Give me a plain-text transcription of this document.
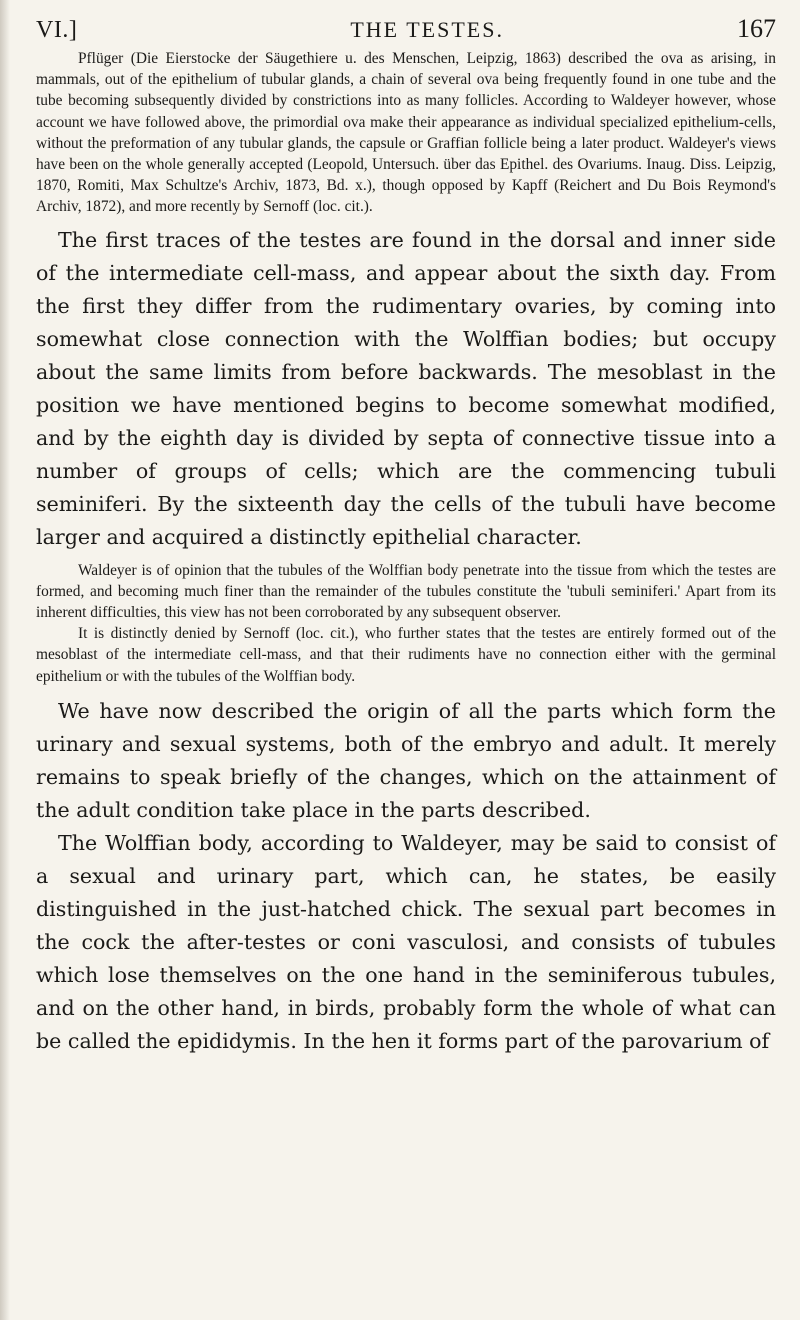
VI.]	THE TESTES.	167

Pflüger (Die Eierstocke der Säugethiere u. des Menschen, Leipzig, 1863) described the ova as arising, in mammals, out of the epithelium of tubular glands, a chain of several ova being frequently found in one tube and the tube becoming subsequently divided by constrictions into as many follicles. According to Waldeyer however, whose account we have followed above, the primordial ova make their appearance as individual specialized epithelium-cells, without the preformation of any tubular glands, the capsule or Graffian follicle being a later product. Waldeyer's views have been on the whole generally accepted (Leopold, Untersuch. über das Epithel. des Ovariums. Inaug. Diss. Leipzig, 1870, Romiti, Max Schultze's Archiv, 1873, Bd. x.), though opposed by Kapff (Reichert and Du Bois Reymond's Archiv, 1872), and more recently by Sernoff (loc. cit.).

The first traces of the testes are found in the dorsal and inner side of the intermediate cell-mass, and appear about the sixth day. From the first they differ from the rudimentary ovaries, by coming into somewhat close connection with the Wolffian bodies; but occupy about the same limits from before backwards. The mesoblast in the position we have mentioned begins to become somewhat modified, and by the eighth day is divided by septa of connective tissue into a number of groups of cells; which are the commencing tubuli seminiferi. By the sixteenth day the cells of the tubuli have become larger and acquired a distinctly epithelial character.

Waldeyer is of opinion that the tubules of the Wolffian body penetrate into the tissue from which the testes are formed, and becoming much finer than the remainder of the tubules constitute the 'tubuli seminiferi.' Apart from its inherent difficulties, this view has not been corroborated by any subsequent observer.

It is distinctly denied by Sernoff (loc. cit.), who further states that the testes are entirely formed out of the mesoblast of the intermediate cell-mass, and that their rudiments have no connection either with the germinal epithelium or with the tubules of the Wolffian body.

We have now described the origin of all the parts which form the urinary and sexual systems, both of the embryo and adult. It merely remains to speak briefly of the changes, which on the attainment of the adult condition take place in the parts described.

The Wolffian body, according to Waldeyer, may be said to consist of a sexual and urinary part, which can, he states, be easily distinguished in the just-hatched chick. The sexual part becomes in the cock the after-testes or coni vasculosi, and consists of tubules which lose themselves on the one hand in the seminiferous tubules, and on the other hand, in birds, probably form the whole of what can be called the epididymis. In the hen it forms part of the parovarium of
